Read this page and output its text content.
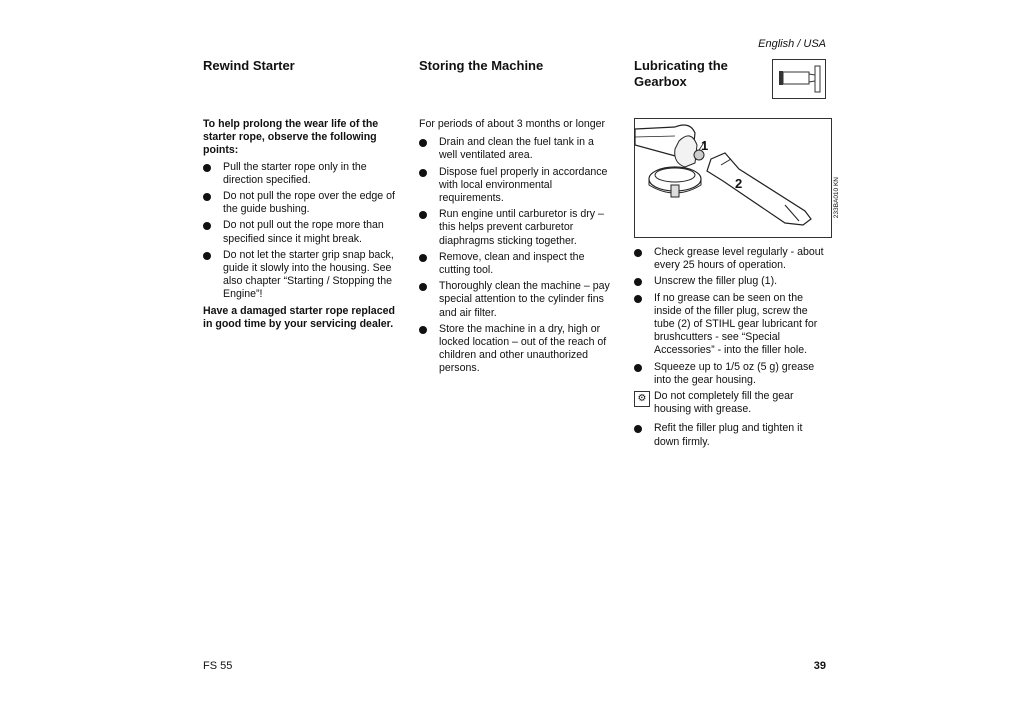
English / USA
Rewind Starter

To help prolong the wear life of the starter rope, observe the following points:

Pull the starter rope only in the direction specified.
Do not pull the rope over the edge of the guide bushing.
Do not pull out the rope more than specified since it might break.
Do not let the starter grip snap back, guide it slowly into the housing. See also chapter “Starting / Stopping the Engine”!

Have a damaged starter rope replaced in good time by your servicing dealer.

Storing the Machine

For periods of about 3 months or longer

Drain and clean the fuel tank in a well ventilated area.
Dispose fuel properly in accordance with local environmental requirements.
Run engine until carburetor is dry – this helps prevent carburetor diaphragms sticking together.
Remove, clean and inspect the cutting tool.
Thoroughly clean the machine – pay special attention to the cylinder fins and air filter.
Store the machine in a dry, high or locked location – out of the reach of children and other unauthorized persons.
Lubricating the Gearbox
1
2	233BA010 KN
Check grease level regularly - about every 25 hours of operation.
Unscrew the filler plug (1).
If no grease can be seen on the inside of the filler plug, screw the tube (2) of STIHL gear lubricant for brushcutters - see “Special Accessories” - into the filler hole.
Squeeze up to 1/5 oz (5 g) grease into the gear housing.
⚙ Do not completely fill the gear housing with grease.
Refit the filler plug and tighten it down firmly.
FS 55	39
